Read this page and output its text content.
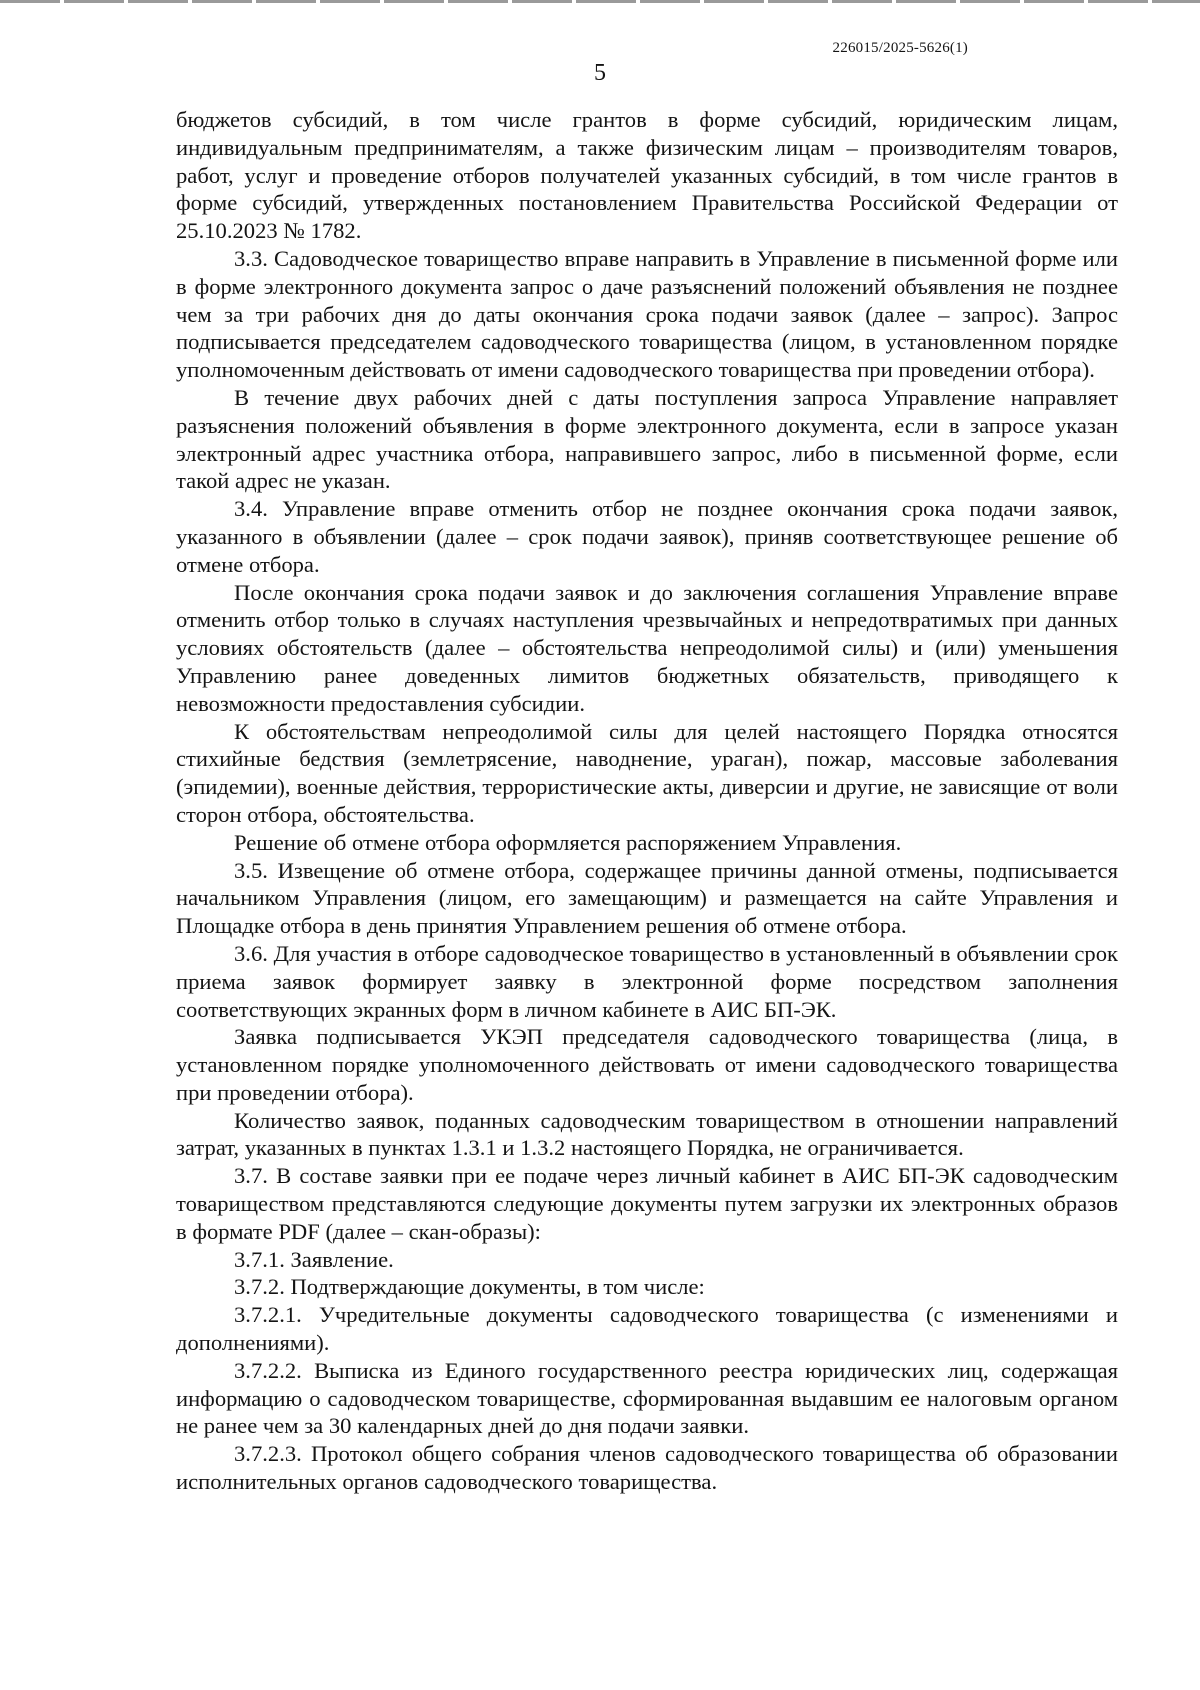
226015/2025-5626(1)
5

бюджетов субсидий, в том числе грантов в форме субсидий, юридическим лицам, индивидуальным предпринимателям, а также физическим лицам – производителям товаров, работ, услуг и проведение отборов получателей указанных субсидий, в том числе грантов в форме субсидий, утвержденных постановлением Правительства Российской Федерации от 25.10.2023 № 1782.

3.3. Садоводческое товарищество вправе направить в Управление в письменной форме или в форме электронного документа запрос о даче разъяснений положений объявления не позднее чем за три рабочих дня до даты окончания срока подачи заявок (далее – запрос). Запрос подписывается председателем садоводческого товарищества (лицом, в установленном порядке уполномоченным действовать от имени садоводческого товарищества при проведении отбора).

В течение двух рабочих дней с даты поступления запроса Управление направляет разъяснения положений объявления в форме электронного документа, если в запросе указан электронный адрес участника отбора, направившего запрос, либо в письменной форме, если такой адрес не указан.

3.4. Управление вправе отменить отбор не позднее окончания срока подачи заявок, указанного в объявлении (далее – срок подачи заявок), приняв соответствующее решение об отмене отбора.

После окончания срока подачи заявок и до заключения соглашения Управление вправе отменить отбор только в случаях наступления чрезвычайных и непредотвратимых при данных условиях обстоятельств (далее – обстоятельства непреодолимой силы) и (или) уменьшения Управлению ранее доведенных лимитов бюджетных обязательств, приводящего к невозможности предоставления субсидии.

К обстоятельствам непреодолимой силы для целей настоящего Порядка относятся стихийные бедствия (землетрясение, наводнение, ураган), пожар, массовые заболевания (эпидемии), военные действия, террористические акты, диверсии и другие, не зависящие от воли сторон отбора, обстоятельства.

Решение об отмене отбора оформляется распоряжением Управления.

3.5. Извещение об отмене отбора, содержащее причины данной отмены, подписывается начальником Управления (лицом, его замещающим) и размещается на сайте Управления и Площадке отбора в день принятия Управлением решения об отмене отбора.

3.6. Для участия в отборе садоводческое товарищество в установленный в объявлении срок приема заявок формирует заявку в электронной форме посредством заполнения соответствующих экранных форм в личном кабинете в АИС БП-ЭК.

Заявка подписывается УКЭП председателя садоводческого товарищества (лица, в установленном порядке уполномоченного действовать от имени садоводческого товарищества при проведении отбора).

Количество заявок, поданных садоводческим товариществом в отношении направлений затрат, указанных в пунктах 1.3.1 и 1.3.2 настоящего Порядка, не ограничивается.

3.7. В составе заявки при ее подаче через личный кабинет в АИС БП-ЭК садоводческим товариществом представляются следующие документы путем загрузки их электронных образов в формате PDF (далее – скан-образы):

3.7.1. Заявление.

3.7.2. Подтверждающие документы, в том числе:

3.7.2.1. Учредительные документы садоводческого товарищества (с изменениями и дополнениями).

3.7.2.2. Выписка из Единого государственного реестра юридических лиц, содержащая информацию о садоводческом товариществе, сформированная выдавшим ее налоговым органом не ранее чем за 30 календарных дней до дня подачи заявки.

3.7.2.3. Протокол общего собрания членов садоводческого товарищества об образовании исполнительных органов садоводческого товарищества.
